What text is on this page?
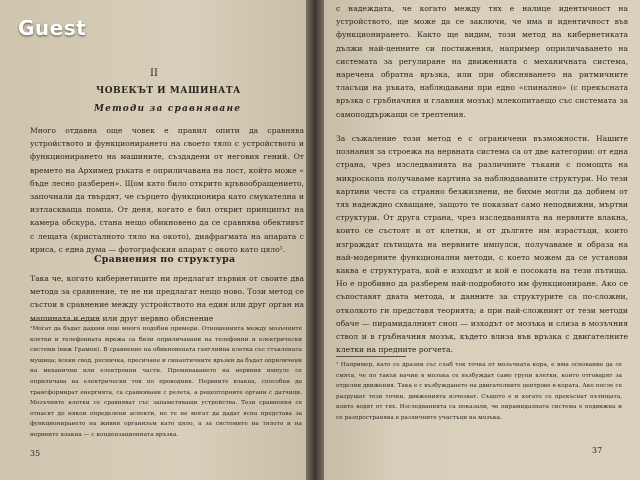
II
ЧОВЕКЪТ И МАШИНАТА
Методи за сравняване
Много отдавна още човек е правил опити да сравнява устройството и функционирането на своето тяло с устройството и функционирането на машините, създадени от неговия гений. От времето на Архимед ръката е оприличавана на лост, който може « бъде лесно разберен». Щом като било открито кръвообращението, започнали да твърдят, че сърцето функционира като смукателна и изтласкваща помпа. От деня, когато е бил открит принципът на камера обскура, стана нещо обикновено да се сравнява обективът с лещата (кристалното тяло на окото), диафрагмата на апарата с ириса, с една дума — фотографския апарат с окото като цяло¹.
Сравнения по структура
Така че, когато кибернетиците ни предлагат първия от своите два метода за сравнение, те не ни предлагат нещо ново. Този метод се състои в сравнение между устройството на един или друг орган на машината и един или друг нервно обяснение
¹Могат да бъдат дадени още много подобни примери. Отношенията между мозъчните клетки и телефонната мрежа са били оприличавани на телефонни и електрически системи (виж Грамон). В сравнение на обикновената ганглийна клетка със стъклената мушица; всеки свод, ресничка, пресичане и синаптичните връзки да бъдат оприличени на механични или електронни части. Преминаването на нервния импулс се оприличава на електрически ток по проводник. Нервните влакна, способни да трансформират енергията, са сравнявани с релета, а рецепторните органи с датчици. Мозъчните клетки се сравняват със запаметяващи устройства. Тези сравнения се отнасят до някои определени аспекти, но те не могат да дадат ясна представа за функционирането на живия организъм като цяло, а за системите на тялото и на нервните влакна — с кондензационната връзка.
35
с надеждата, че когато между тях е налице идентичност на устройството, ще може да се заключи, че има и идентичност във функционирането. Както ще видим, този метод на кибернетиката дължи най-ценните си постижения, например оприличаването на системата за регулиране на движенията с механичната система, наречена обратна връзка, или при обясняването на ритмичните тласъци на ръката, наблюдавани при едно «спинално» (с прекъсната връзка с гръбначния и главния мозък) млекопитаещо със системата за самоподдържащи се трептения.
За съжаление този метод е с ограничени възможности. Нашите познания за строежа на нервната система са от две категории: от една страна, чрез изследванията на различните тъкани с помощта на микроскопа получаваме картина за наблюдаваните структури. Но тези картини често са странно безжизнени, не бихме могли да добием от тях надеждно схващане, защото те показват само неподвижни, мъртви структури. От друга страна, чрез изследванията на нервните влакна, които се състоят и от клетки, и от дългите им израстъци, които изграждат пътищата на нервните импулси, получаваме и образа на най-модерните функционални методи, с което можем да се установи каква е структурата, кой е изходът и кой е посоката на тези пътища. Но е пробивно да разберем най-подробното им функциониране. Ако се съпоставят двата метода, и данните за структурите са по-сложни, отколкото ги представя теорията; а при най-сложният от тези методи обаче — пирамидалният сноп — изходът от мозъка и слиза в мозъчния ствол и в гръбначния мозък, където влиза във връзка с двигателните клетки на предните рогчета.
¹ Например, като се дразни със слаб ток точка от мозъчната кора, е има основание да се смята, че по такъв начин в мозъка се възбуждат само групи клетки, които отговарят за отделни движения. Така е с възбуждането на двигателните центрове в кората. Ако после се разрушат тези точки, движенията изчезват. Същото е и когато се прекъснат пътищата, които водят от тях. Изследванията са показали, че пирамидалната система е подвижна и се разпространява в различните участъци на мозъка.
37
Guest
